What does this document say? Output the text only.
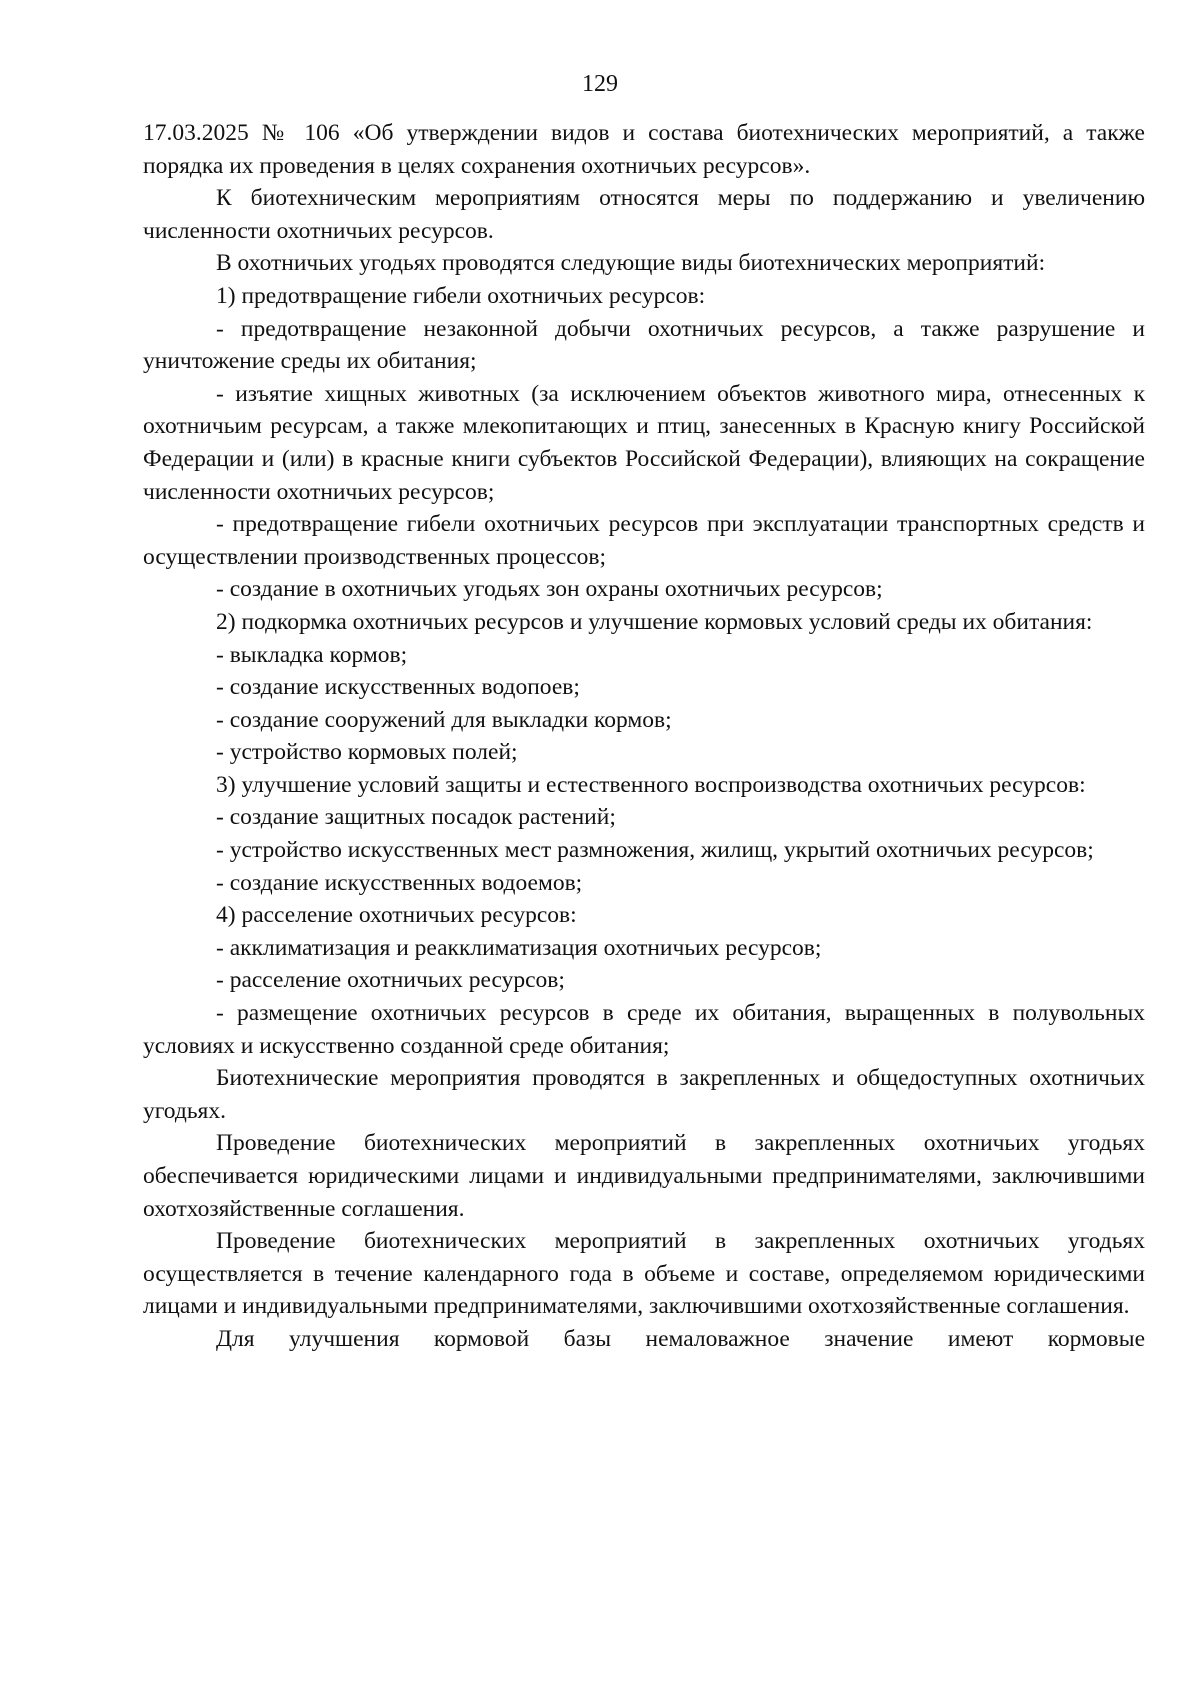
129

17.03.2025 № 106 «Об утверждении видов и состава биотехнических мероприятий, а также порядка их проведения в целях сохранения охотничьих ресурсов».

К биотехническим мероприятиям относятся меры по поддержанию и увеличению численности охотничьих ресурсов.

В охотничьих угодьях проводятся следующие виды биотехнических мероприятий:

1) предотвращение гибели охотничьих ресурсов:

- предотвращение незаконной добычи охотничьих ресурсов, а также разрушение и уничтожение среды их обитания;

- изъятие хищных животных (за исключением объектов животного мира, отнесенных к охотничьим ресурсам, а также млекопитающих и птиц, занесенных в Красную книгу Российской Федерации и (или) в красные книги субъектов Российской Федерации), влияющих на сокращение численности охотничьих ресурсов;

- предотвращение гибели охотничьих ресурсов при эксплуатации транспортных средств и осуществлении производственных процессов;

- создание в охотничьих угодьях зон охраны охотничьих ресурсов;

2) подкормка охотничьих ресурсов и улучшение кормовых условий среды их обитания:

- выкладка кормов;

- создание искусственных водопоев;

- создание сооружений для выкладки кормов;

- устройство кормовых полей;

3) улучшение условий защиты и естественного воспроизводства охотничьих ресурсов:

- создание защитных посадок растений;

- устройство искусственных мест размножения, жилищ, укрытий охотничьих ресурсов;

- создание искусственных водоемов;

4) расселение охотничьих ресурсов:

- акклиматизация и реакклиматизация охотничьих ресурсов;

- расселение охотничьих ресурсов;

- размещение охотничьих ресурсов в среде их обитания, выращенных в полувольных условиях и искусственно созданной среде обитания;

Биотехнические мероприятия проводятся в закрепленных и общедоступных охотничьих угодьях.

Проведение биотехнических мероприятий в закрепленных охотничьих угодьях обеспечивается юридическими лицами и индивидуальными предпринимателями, заключившими охотхозяйственные соглашения.

Проведение биотехнических мероприятий в закрепленных охотничьих угодьях осуществляется в течение календарного года в объеме и составе, определяемом юридическими лицами и индивидуальными предпринимателями, заключившими охотхозяйственные соглашения.

Для улучшения кормовой базы немаловажное значение имеют кормовые
